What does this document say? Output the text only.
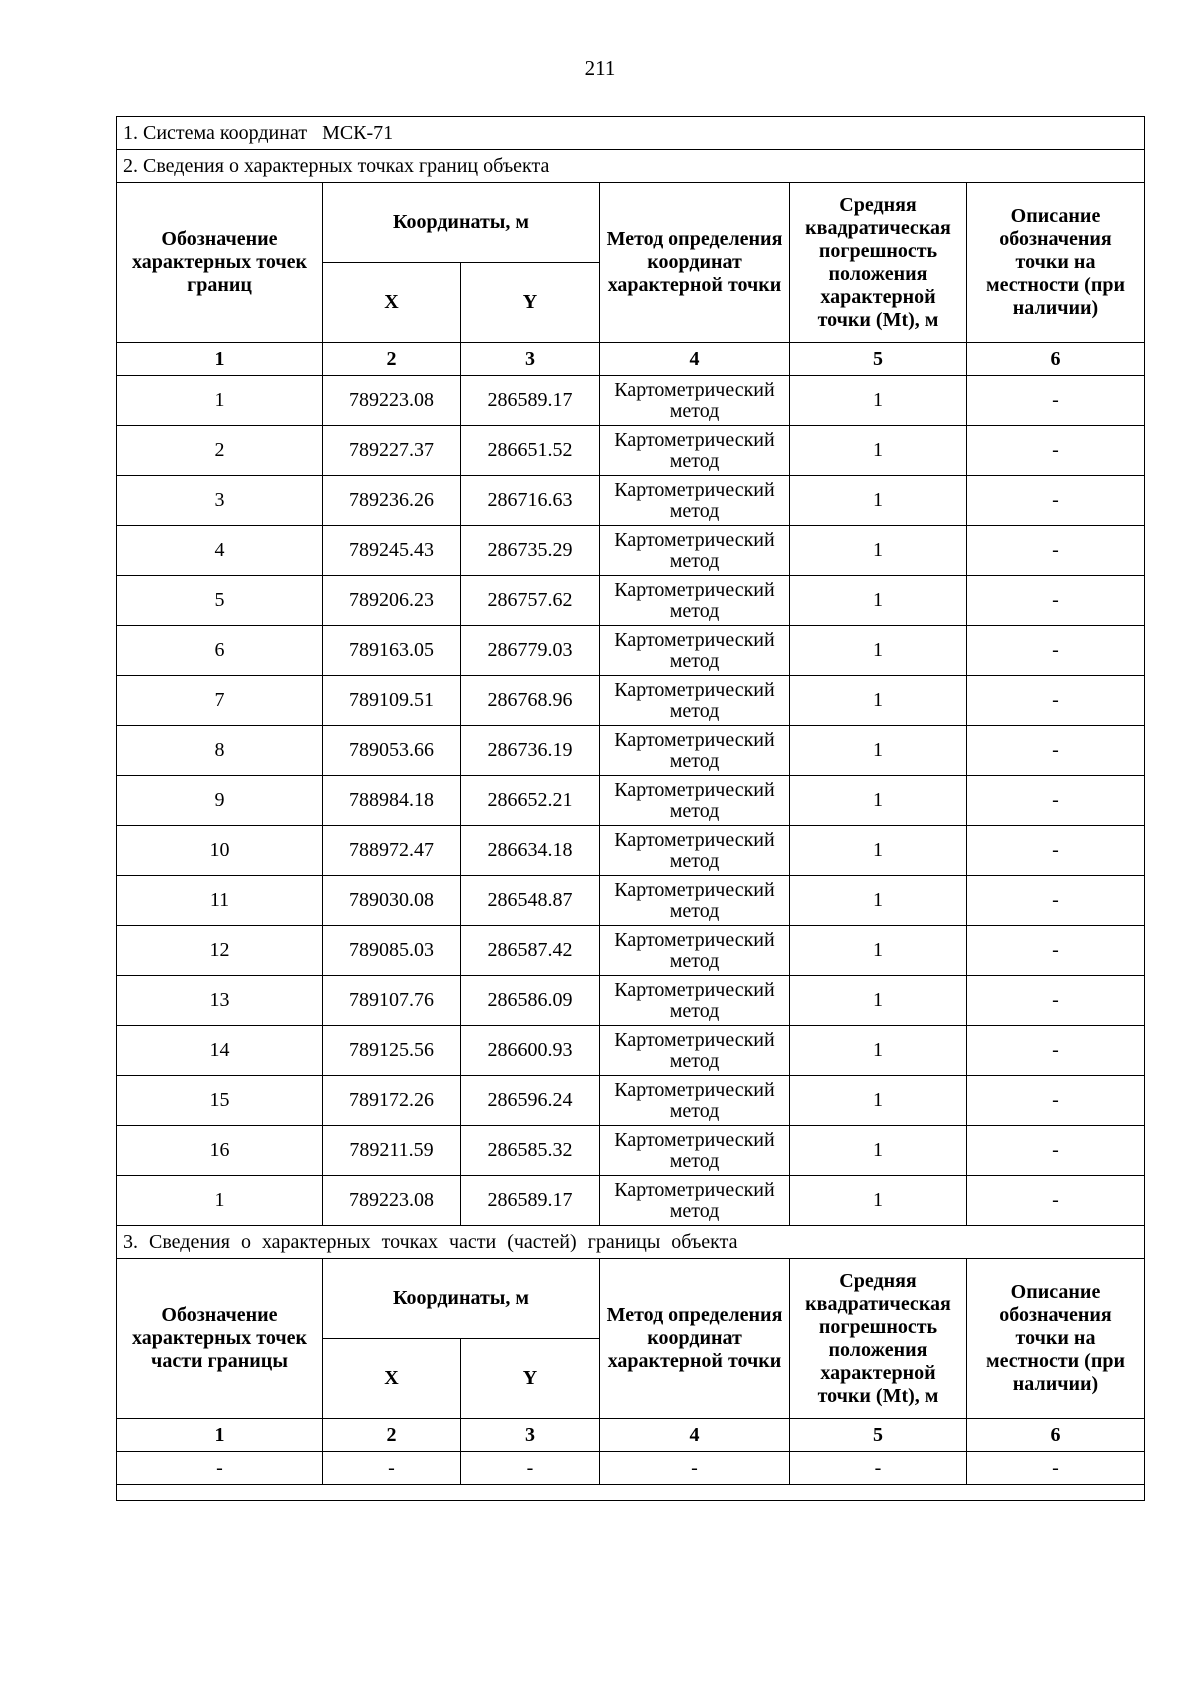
211

1. Система координат МСК-71					
2. Сведения о характерных точках границ объекта					
Обозначение характерных точек границ	Координаты, м		Метод определения координат характерной точки	Средняя квадратическая погрешность положения характерной точки (Mt), м	Описание обозначения точки на местности (при наличии)
	X	Y			
1	2	3	4	5	6
1	789223.08	286589.17	Картометрический метод	1	-
2	789227.37	286651.52	Картометрический метод	1	-
3	789236.26	286716.63	Картометрический метод	1	-
4	789245.43	286735.29	Картометрический метод	1	-
5	789206.23	286757.62	Картометрический метод	1	-
6	789163.05	286779.03	Картометрический метод	1	-
7	789109.51	286768.96	Картометрический метод	1	-
8	789053.66	286736.19	Картометрический метод	1	-
9	788984.18	286652.21	Картометрический метод	1	-
10	788972.47	286634.18	Картометрический метод	1	-
11	789030.08	286548.87	Картометрический метод	1	-
12	789085.03	286587.42	Картометрический метод	1	-
13	789107.76	286586.09	Картометрический метод	1	-
14	789125.56	286600.93	Картометрический метод	1	-
15	789172.26	286596.24	Картометрический метод	1	-
16	789211.59	286585.32	Картометрический метод	1	-
1	789223.08	286589.17	Картометрический метод	1	-
3. Сведения о характерных точках части (частей) границы объекта					
Обозначение характерных точек части границы	Координаты, м		Метод определения координат характерной точки	Средняя квадратическая погрешность положения характерной точки (Mt), м	Описание обозначения точки на местности (при наличии)
	X	Y			
1	2	3	4	5	6
-	-	-	-	-	-
